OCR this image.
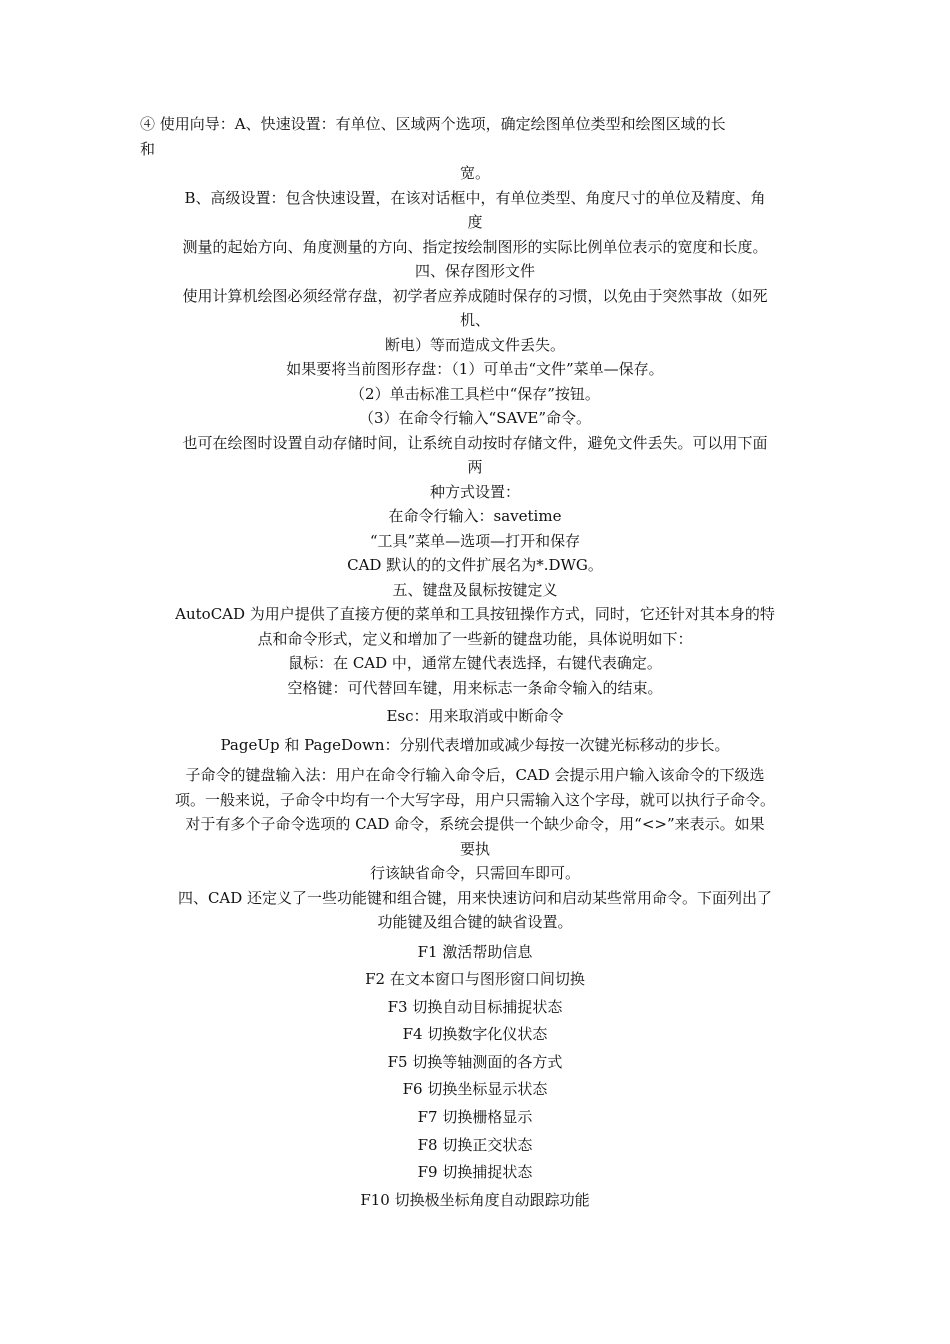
④ 使用向导：A、快速设置：有单位、区域两个选项，确定绘图单位类型和绘图区域的长
和
宽。
B、高级设置：包含快速设置，在该对话框中，有单位类型、角度尺寸的单位及精度、角
度
测量的起始方向、角度测量的方向、指定按绘制图形的实际比例单位表示的宽度和长度。
四、保存图形文件
使用计算机绘图必须经常存盘，初学者应养成随时保存的习惯，以免由于突然事故（如死
机、
断电）等而造成文件丢失。
如果要将当前图形存盘：（1）可单击“文件”菜单—保存。
（2）单击标准工具栏中“保存”按钮。
（3）在命令行输入“SAVE”命令。
也可在绘图时设置自动存储时间，让系统自动按时存储文件，避免文件丢失。可以用下面
两
种方式设置：
在命令行输入：savetime
“工具”菜单—选项—打开和保存
CAD 默认的的文件扩展名为*.DWG。
五、键盘及鼠标按键定义
AutoCAD 为用户提供了直接方便的菜单和工具按钮操作方式，同时，它还针对其本身的特
点和命令形式，定义和增加了一些新的键盘功能，具体说明如下：
鼠标：在 CAD 中，通常左键代表选择，右键代表确定。
空格键：可代替回车键，用来标志一条命令输入的结束。
Esc：用来取消或中断命令
PageUp 和 PageDown：分别代表增加或减少每按一次键光标移动的步长。
子命令的键盘输入法：用户在命令行输入命令后，CAD 会提示用户输入该命令的下级选
项。一般来说，子命令中均有一个大写字母，用户只需输入这个字母，就可以执行子命令。
对于有多个子命令选项的 CAD 命令，系统会提供一个缺少命令，用“<>”来表示。如果
要执
行该缺省命令，只需回车即可。
四、CAD 还定义了一些功能键和组合键，用来快速访问和启动某些常用命令。下面列出了
功能键及组合键的缺省设置。
F1 激活帮助信息
F2 在文本窗口与图形窗口间切换
F3 切换自动目标捕捉状态
F4 切换数字化仪状态
F5 切换等轴测面的各方式
F6 切换坐标显示状态
F7 切换栅格显示
F8 切换正交状态
F9 切换捕捉状态
F10 切换极坐标角度自动跟踪功能
